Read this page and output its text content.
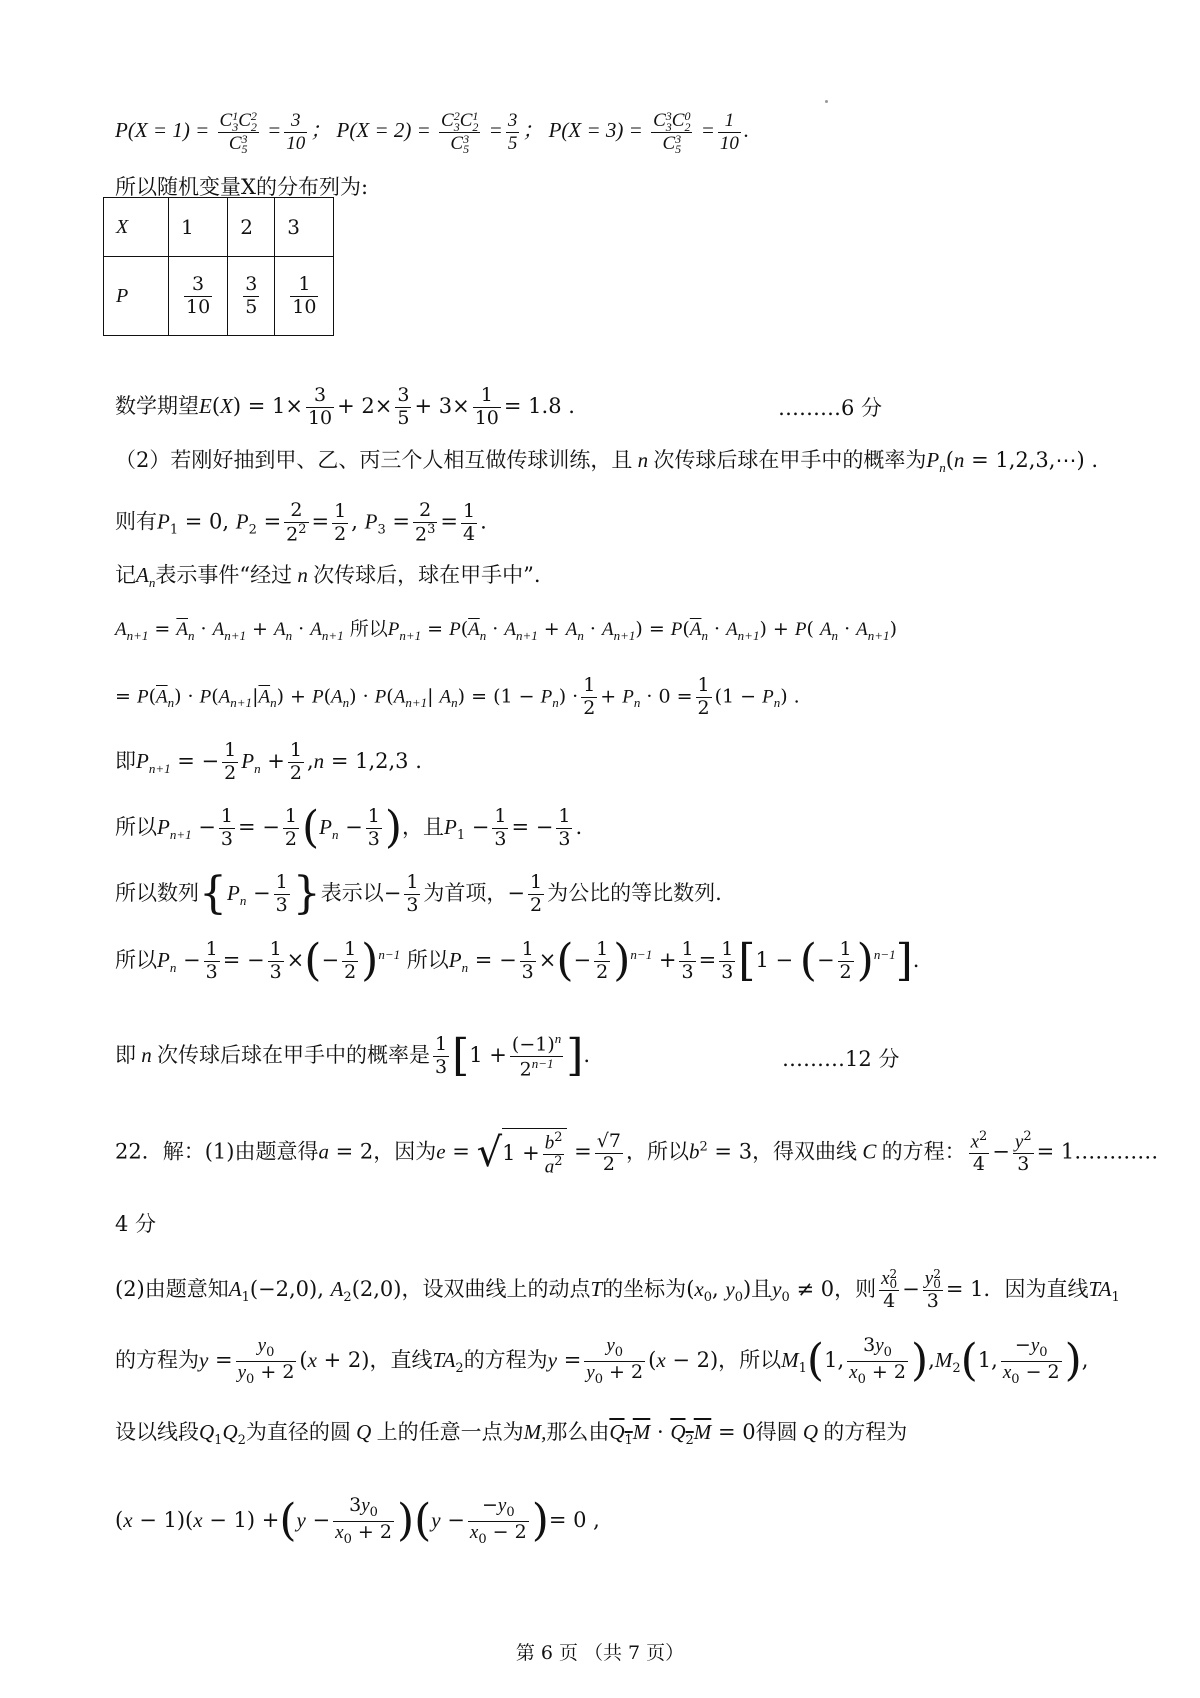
P(X = 1) = C 1
3 C 2
2
C 3
$5 = \frac{3}{10}$ ； P(X = 2) = C 2
3 C 1
2
C 3
$5 = \frac{3}{5}$ ； P(X = 3) = C 3
3 C 0
2
C 3
$5 = \frac{1}{10}$ .
所以随机变量X的分布列为:
X	1	2	3
P	$\frac{3}{10}$	$\frac{3}{5}$	$\frac{1}{10}$
数学期望$E(X) = 1\times \frac{3}{10} + 2\times \frac{3}{5} + 3\times \frac{1}{10} = 1.8$ .	………6 分
（2）若刚好抽到甲、乙、丙三个人相互做传球训练，且 n 次传球后球在甲手中的概率为$P_n(n$ = 1,2,3,⋯) .
则有$P_1 = 0$, $P_2 = \frac{2}{2^2} = \frac{1}{2}$ , $P_3 = \frac{2}{2^3} = \frac{1}{4}$ .
记$A_n$表示事件“经过 n 次传球后，球在甲手中”.
$A_{n+1} = \overline{A}_n \cdot A_{n+1} + A_n \cdot A_{n+1}$ 所以$P_{n+1} = P(\overline{A}_n \cdot A_{n+1} + A_n \cdot A_{n+1}) = P(\overline{A}_n \cdot A_{n+1}) + P$( $A_n \cdot A_{n+1}$)
= $P(\overline{A}_n) \cdot P(A_{n+1}|\overline{A}_n) + P(A_n) \cdot P(A_{n+1}|$ $A_n) = (1 - P_n) \cdot \frac{1}{2} + P_n \cdot 0 = \frac{1}{2} (1 - P_n)$ .
即$P_{n+1}$ = − $\frac{1}{2} P_n + \frac{1}{2} ,n = 1,2,3$ .
所以$P_{n+1} - \frac{1}{3}$ = − $\frac{1}{2} (P_n - \frac{1}{3}$ )，且$P_1 - \frac{1}{3}$ = − $\frac{1}{3}$ .
所以数列{$P_n - \frac{1}{3}$ }表示以− $\frac{1}{3}$ 为首项，− $\frac{1}{2}$ 为公比的等比数列.
所以$P_n - \frac{1}{3}$ = − $\frac{1}{3}$ ×(− $\frac{1}{2} )^{n-1}$ 所以$P_n$ = − $\frac{1}{3}$ ×(− $\frac{1}{2} )^{n-1} + \frac{1}{3} = \frac{1}{3} [1$ − (− $\frac{1}{2} )^{n-1}$].
即 n 次传球后球在甲手中的概率是 $\frac{1}{3} [1 + \frac{(-1)^n}{2^{n-1}}$ ].	………12 分
22．解：(1)由题意得a = 2，因为$e = √1 + \frac{b^2}{a^2} = \frac{√7}{2}$ ，所以$b^2 = 3$，得双曲线 C 的方程： $\frac{x^2}{4} - \frac{y^2}{3}$ = 1…………
4 分
(2)由题意知$A_1(-2,0)$, $A_2(2,0)$，设双曲线上的动点T的坐标为($x_0$, $y_0$)且$y_0 \ne 0$，则 x 2
0
4 − y 2
0
3 = 1．因为直线$TA_1$
的方程为$y = \frac{y_0}{y_0 + 2} (x + 2)$，直线$TA_2$的方程为$y = \frac{y_0}{y_0 + 2} (x - 2)$，所以$M_1(1$, $\frac{3y_0}{x_0 + 2} ),M_2(1$, $\frac{-y_0}{x_0 - 2}$ ),
设以线段$Q_1Q_2$为直径的圆 Q 上的任意一点为M,那么由$Q_1M \cdot Q_2M = 0$得圆 Q 的方程为
$(x - 1)(x - 1) +(y - \frac{3y_0}{x_0 + 2} )(y - \frac{-y_0}{x_0 - 2}$ )= 0 ,
第 6 页 （共 7 页）
